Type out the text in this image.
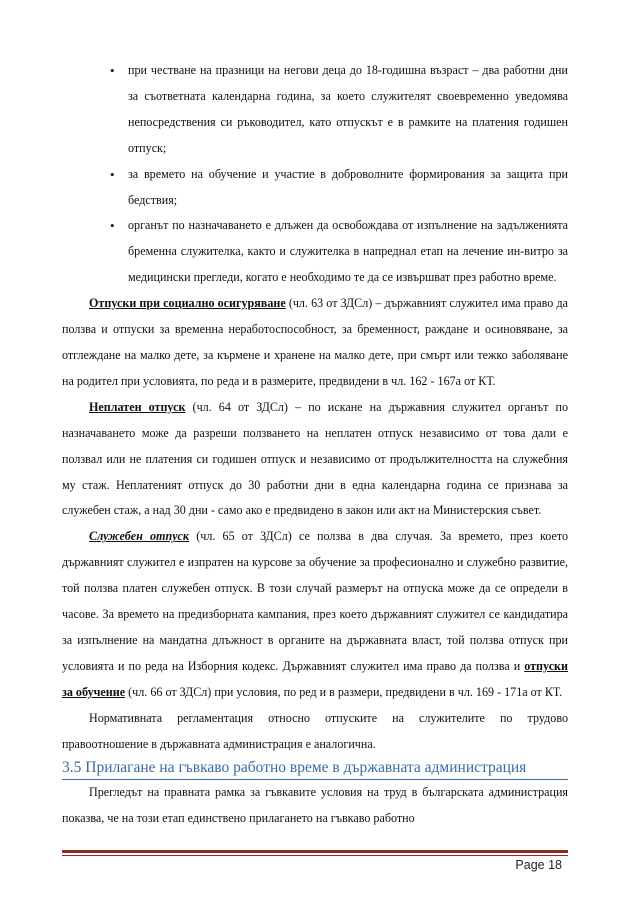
• при честване на празници на негови деца до 18-годишна възраст – два работни дни за съответната календарна година, за което служителят своевременно уведомява непосредствения си ръководител, като отпускът е в рамките на платения годишен отпуск;
• за времето на обучение и участие в доброволните формирования за защита при бедствия;
• органът по назначаването е длъжен да освобождава от изпълнение на задълженията бременна служителка, както и служителка в напреднал етап на лечение ин-витро за медицински прегледи, когато е необходимо те да се извършват през работно време.

Отпуски при социално осигуряване (чл. 63 от ЗДСл) – държавният служител има право да ползва и отпуски за временна неработоспособност, за бременност, раждане и осиновяване, за отглеждане на малко дете, за кърмене и хранене на малко дете, при смърт или тежко заболяване на родител при условията, по реда и в размерите, предвидени в чл. 162 - 167а от КТ.

Неплатен отпуск (чл. 64 от ЗДСл) – по искане на държавния служител органът по назначаването може да разреши ползването на неплатен отпуск независимо от това дали е ползвал или не платения си годишен отпуск и независимо от продължителността на служебния му стаж. Неплатеният отпуск до 30 работни дни в една календарна година се признава за служебен стаж, а над 30 дни - само ако е предвидено в закон или акт на Министерския съвет.

Служебен отпуск (чл. 65 от ЗДСл) се ползва в два случая. За времето, през което държавният служител е изпратен на курсове за обучение за професионално и служебно развитие, той ползва платен служебен отпуск. В този случай размерът на отпуска може да се определи в часове. За времето на предизборната кампания, през което държавният служител се кандидатира за изпълнение на мандатна длъжност в органите на държавната власт, той ползва отпуск при условията и по реда на Изборния кодекс. Държавният служител има право да ползва и отпуски за обучение (чл. 66 от ЗДСл) при условия, по ред и в размери, предвидени в чл. 169 - 171а от КТ.

Нормативната регламентация относно отпуските на служителите по трудово правоотношение в държавната администрация е аналогична.

3.5 Прилагане на гъвкаво работно време в държавната администрация

Прегледът на правната рамка за гъвкавите условия на труд в българската администрация показва, че на този етап единствено прилагането на гъвкаво работно

Page 18
